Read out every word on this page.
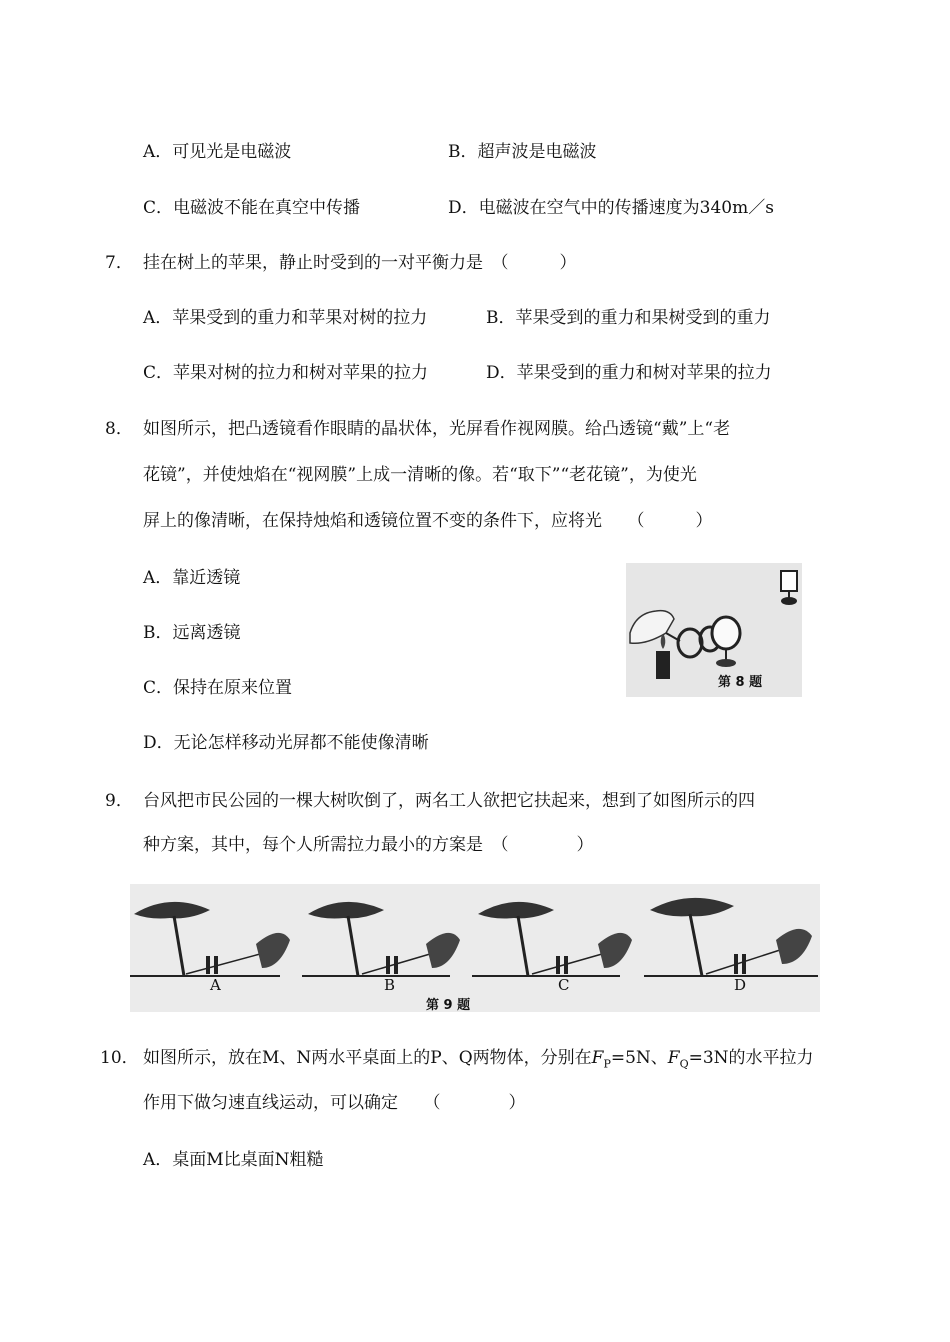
A．可见光是电磁波	B．超声波是电磁波
C．电磁波不能在真空中传播	D．电磁波在空气中的传播速度为340m／s
7． 挂在树上的苹果，静止时受到的一对平衡力是　（　　　）
A．苹果受到的重力和苹果对树的拉力	B．苹果受到的重力和果树受到的重力
C．苹果对树的拉力和树对苹果的拉力	D．苹果受到的重力和树对苹果的拉力
8． 如图所示，把凸透镜看作眼睛的晶状体，光屏看作视网膜。给凸透镜“戴”上“老
花镜”，并使烛焰在“视网膜”上成一清晰的像。若“取下”“老花镜”，为使光
屏上的像清晰，在保持烛焰和透镜位置不变的条件下，应将光　　（　　　）
A．靠近透镜
B．远离透镜
C．保持在原来位置
D．无论怎样移动光屏都不能使像清晰
第 8 题
9． 台风把市民公园的一棵大树吹倒了，两名工人欲把它扶起来，想到了如图所示的四
种方案，其中，每个人所需拉力最小的方案是　（　　　　）
A	B	C	D
第 9 题
10． 如图所示，放在M、N两水平桌面上的P、Q两物体，分别在$F_P=5N$、$F_Q=3N$的水平拉力
作用下做匀速直线运动，可以确定　　（　　　　）
A．桌面M比桌面N粗糙
